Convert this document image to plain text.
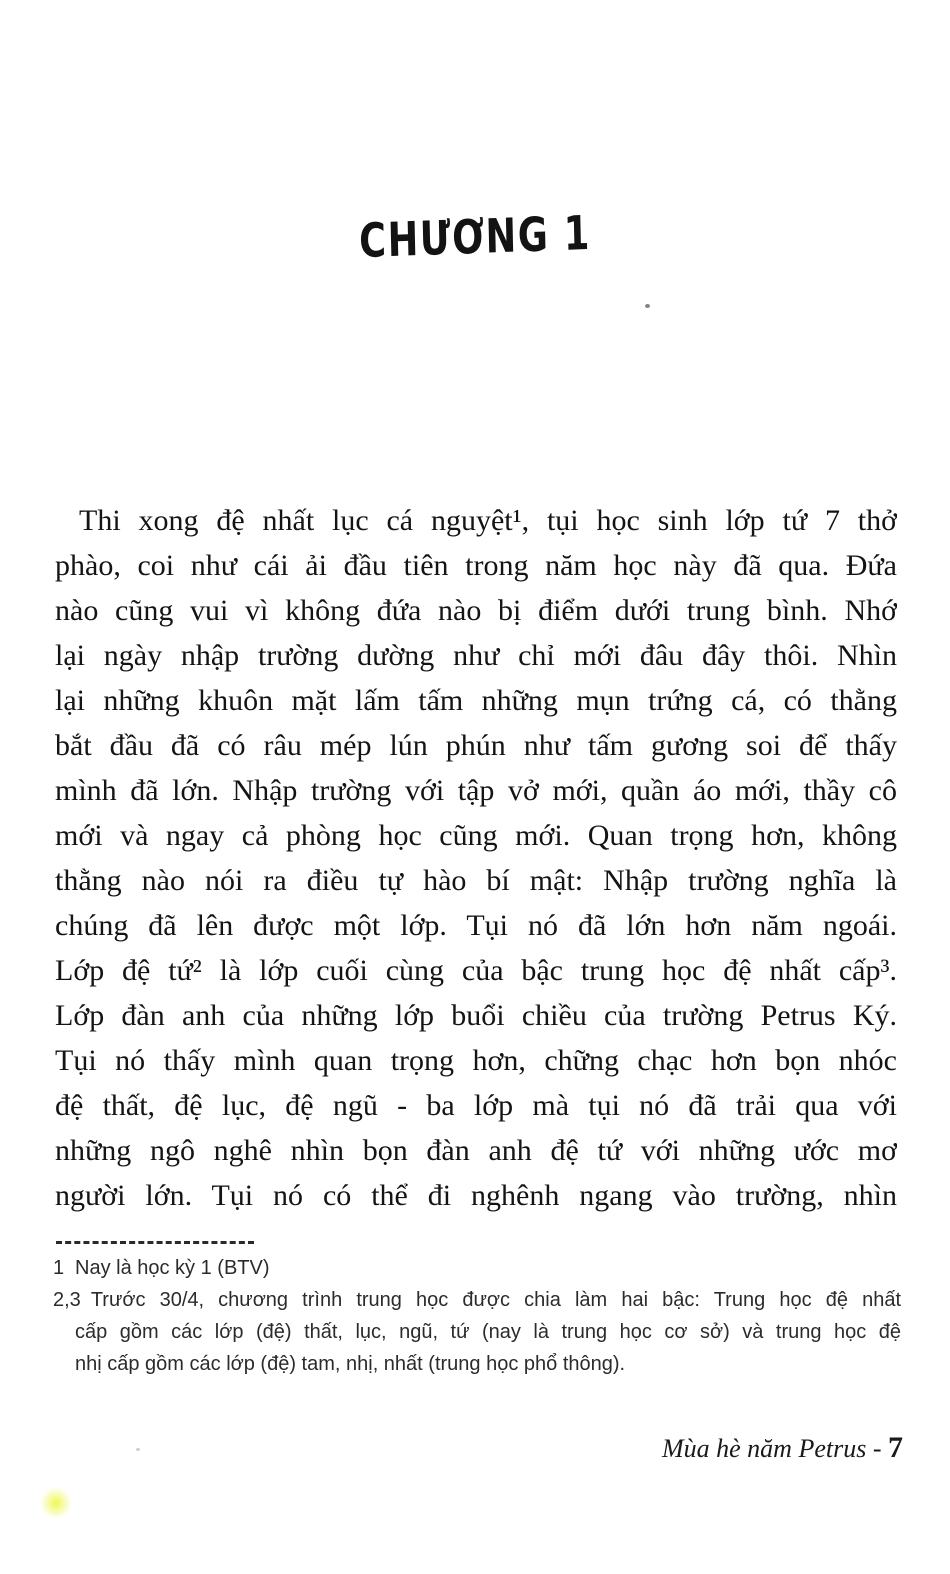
CHƯƠNG 1
Thi xong đệ nhất lục cá nguyệt¹, tụi học sinh lớp tứ 7 thở
phào, coi như cái ải đầu tiên trong năm học này đã qua. Đứa
nào cũng vui vì không đứa nào bị điểm dưới trung bình. Nhớ
lại ngày nhập trường dường như chỉ mới đâu đây thôi. Nhìn
lại những khuôn mặt lấm tấm những mụn trứng cá, có thằng
bắt đầu đã có râu mép lún phún như tấm gương soi để thấy
mình đã lớn. Nhập trường với tập vở mới, quần áo mới, thầy cô
mới và ngay cả phòng học cũng mới. Quan trọng hơn, không
thằng nào nói ra điều tự hào bí mật: Nhập trường nghĩa là
chúng đã lên được một lớp. Tụi nó đã lớn hơn năm ngoái.
Lớp đệ tứ² là lớp cuối cùng của bậc trung học đệ nhất cấp³.
Lớp đàn anh của những lớp buổi chiều của trường Petrus Ký.
Tụi nó thấy mình quan trọng hơn, chững chạc hơn bọn nhóc
đệ thất, đệ lục, đệ ngũ - ba lớp mà tụi nó đã trải qua với
những ngô nghê nhìn bọn đàn anh đệ tứ với những ước mơ
người lớn. Tụi nó có thể đi nghênh ngang vào trường, nhìn
1 Nay là học kỳ 1 (BTV)
2,3 Trước 30/4, chương trình trung học được chia làm hai bậc: Trung học đệ nhất
cấp gồm các lớp (đệ) thất, lục, ngũ, tứ (nay là trung học cơ sở) và trung học đệ
nhị cấp gồm các lớp (đệ) tam, nhị, nhất (trung học phổ thông).
Mùa hè năm Petrus - 7
